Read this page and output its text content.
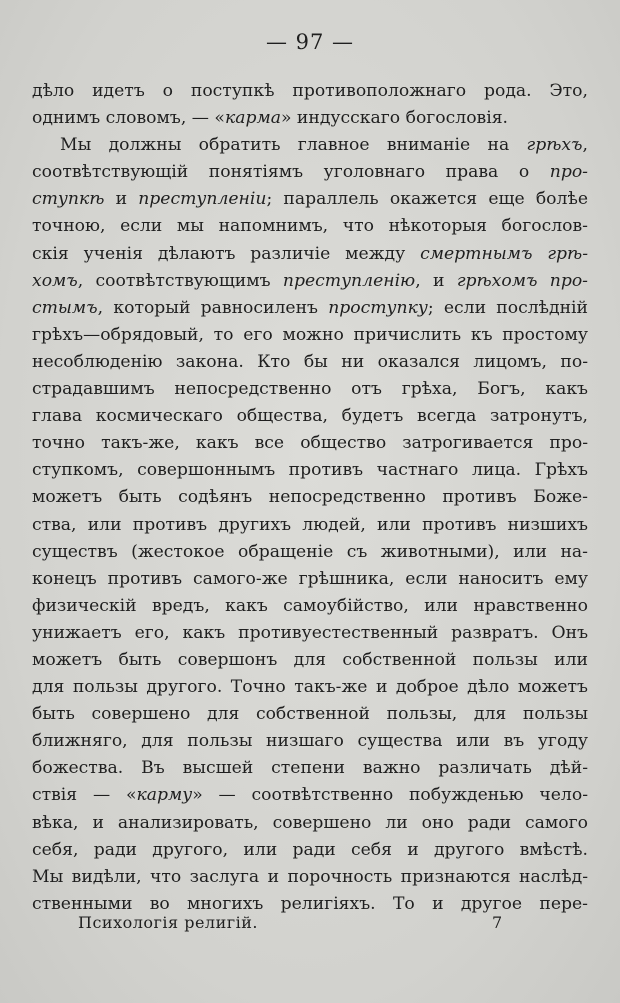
— 97 —
дѣло идетъ о поступкѣ противоположнаго рода. Это,
однимъ словомъ, — «карма» индусскаго богословія.
Мы должны обратить главное вниманіе на грѣхъ,
соотвѣтствующій понятіямъ уголовнаго права о про-
ступкѣ и преступленіи; параллель окажется еще болѣе
точною, если мы напомнимъ, что нѣкоторыя богослов-
скія ученія дѣлаютъ различіе между смертнымъ грѣ-
хомъ, соотвѣтствующимъ преступленію, и грѣхомъ про-
стымъ, который равносиленъ проступку; если послѣдній
грѣхъ—обрядовый, то его можно причислить къ простому
несоблюденію закона. Кто бы ни оказался лицомъ, по-
страдавшимъ непосредственно отъ грѣха, Богъ, какъ
глава космическаго общества, будетъ всегда затронутъ,
точно такъ-же, какъ все общество затрогивается про-
ступкомъ, совершоннымъ противъ частнаго лица. Грѣхъ
можетъ быть содѣянъ непосредственно противъ Боже-
ства, или противъ другихъ людей, или противъ низшихъ
существъ (жестокое обращеніе съ животными), или на-
конецъ противъ самого-же грѣшника, если наноситъ ему
физическій вредъ, какъ самоубійство, или нравственно
унижаетъ его, какъ противуестественный развратъ. Онъ
можетъ быть совершонъ для собственной пользы или
для пользы другого. Точно такъ-же и доброе дѣло можетъ
быть совершено для собственной пользы, для пользы
ближняго, для пользы низшаго существа или въ угоду
божества. Въ высшей степени важно различать дѣй-
ствія — «карму» — соотвѣтственно побужденью чело-
вѣка, и анализировать, совершено ли оно ради самого
себя, ради другого, или ради себя и другого вмѣстѣ.
Мы видѣли, что заслуга и порочность признаются наслѣд-
ственными во многихъ религіяхъ. То и другое пере-
Психологія религій.	7
